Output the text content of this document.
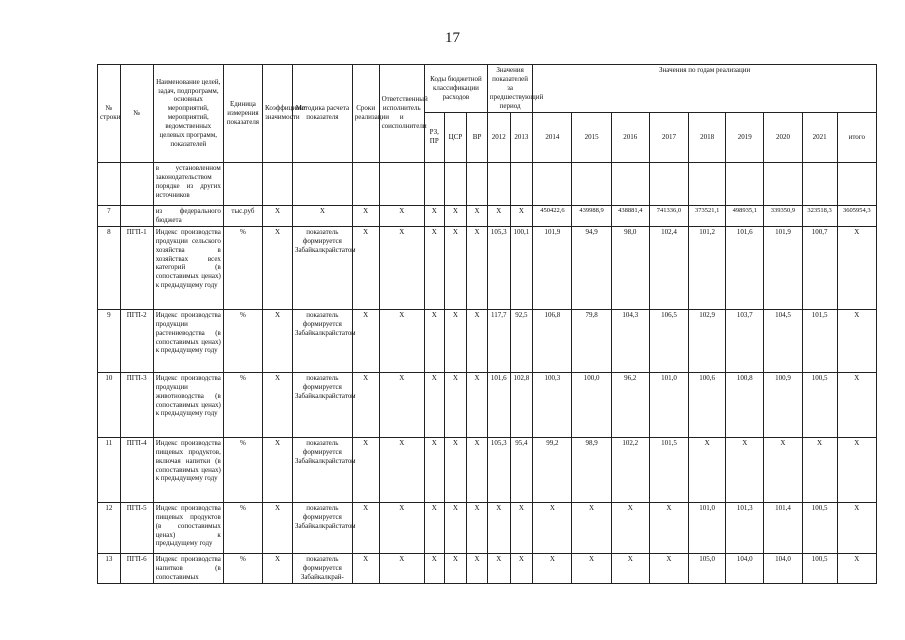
17
№ строки	№	Наименование целей, задач, подпрограмм, основных мероприятий, мероприятий, ведомственных целевых программ, показателей	Единица измерения показателя	Коэффициент значимости	Методика расчета показателя	Сроки реализации	Ответственный исполнитель и соисполнители	Коды бюджетной классификации расходов			Значения показателей за предшествующий период		Значения по годам реализации								
								РЗ, ПР	ЦСР	ВР	2012	2013	2014	2015	2016	2017	2018	2019	2020	2021	итого
		в установленном законодательством порядке из других источников																			
7		из федерального бюджета	тыс.руб	Х	Х	Х	Х	Х	Х	Х	Х	Х	450422,6	439988,9	438881,4	741336,0	373521,1	498935,1	339350,9	323518,3	3605954,3
8	ПГП-1	Индекс производства продукции сельского хозяйства в хозяйствах всех категорий (в сопоставимых ценах) к предыдущему году	%	Х	показатель формируется Забайкалкрайстатом	Х	Х	Х	Х	Х	105,3	100,1	101,9	94,9	98,0	102,4	101,2	101,6	101,9	100,7	Х
9	ПГП-2	Индекс производства продукции растениеводства (в сопоставимых ценах) к предыдущему году	%	Х	показатель формируется Забайкалкрайстатом	Х	Х	Х	Х	Х	117,7	92,5	106,8	79,8	104,3	106,5	102,9	103,7	104,5	101,5	Х
10	ПГП-3	Индекс производства продукции животноводства (в сопоставимых ценах) к предыдущему году	%	Х	показатель формируется Забайкалкрайстатом	Х	Х	Х	Х	Х	101,6	102,8	100,3	100,0	96,2	101,0	100,6	100,8	100,9	100,5	Х
11	ПГП-4	Индекс производства пищевых продуктов, включая напитки (в сопоставимых ценах) к предыдущему году	%	Х	показатель формируется Забайкалкрайстатом	Х	Х	Х	Х	Х	105,3	95,4	99,2	98,9	102,2	101,5	Х	Х	Х	Х	Х
12	ПГП-5	Индекс производства пищевых продуктов (в сопоставимых ценах) к предыдущему году	%	Х	показатель формируется Забайкалкрайстатом	Х	Х	Х	Х	Х	Х	Х	Х	Х	Х	Х	101,0	101,3	101,4	100,5	Х
13	ПГП-6	Индекс производства напитков (в сопоставимых	%	Х	показатель формируется Забайкалкрай-	Х	Х	Х	Х	Х	Х	Х	Х	Х	Х	Х	105,0	104,0	104,0	100,5	Х
